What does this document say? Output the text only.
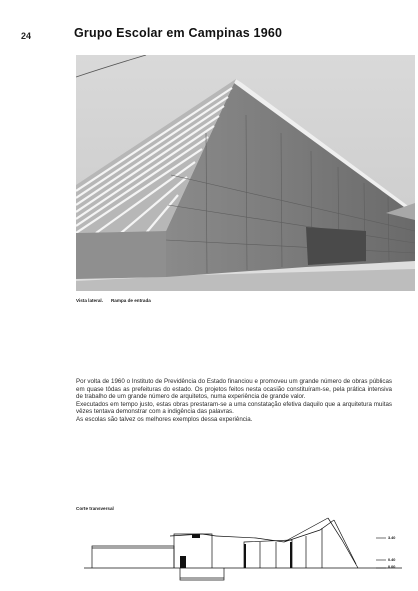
24	Grupo Escolar em Campinas 1960
Vista lateral. Rampa de entrada

Por volta de 1960 o Instituto de Previdência do Estado financiou e promoveu um grande número de obras públicas em quase tôdas as prefeituras do estado. Os projetos feitos nesta ocasião constituíram-se, pela prática intensiva de trabalho de um grande número de arquitetos, numa experiência de grande valor.

Executados em tempo justo, estas obras prestaram-se a uma constatação efetiva daquilo que a arquitetura muitas vêzes tentava demonstrar com a indigência das palavras.

As escolas são talvez os melhores exemplos dessa experiência.

Corte transversal
3.40
0.40
0.00
